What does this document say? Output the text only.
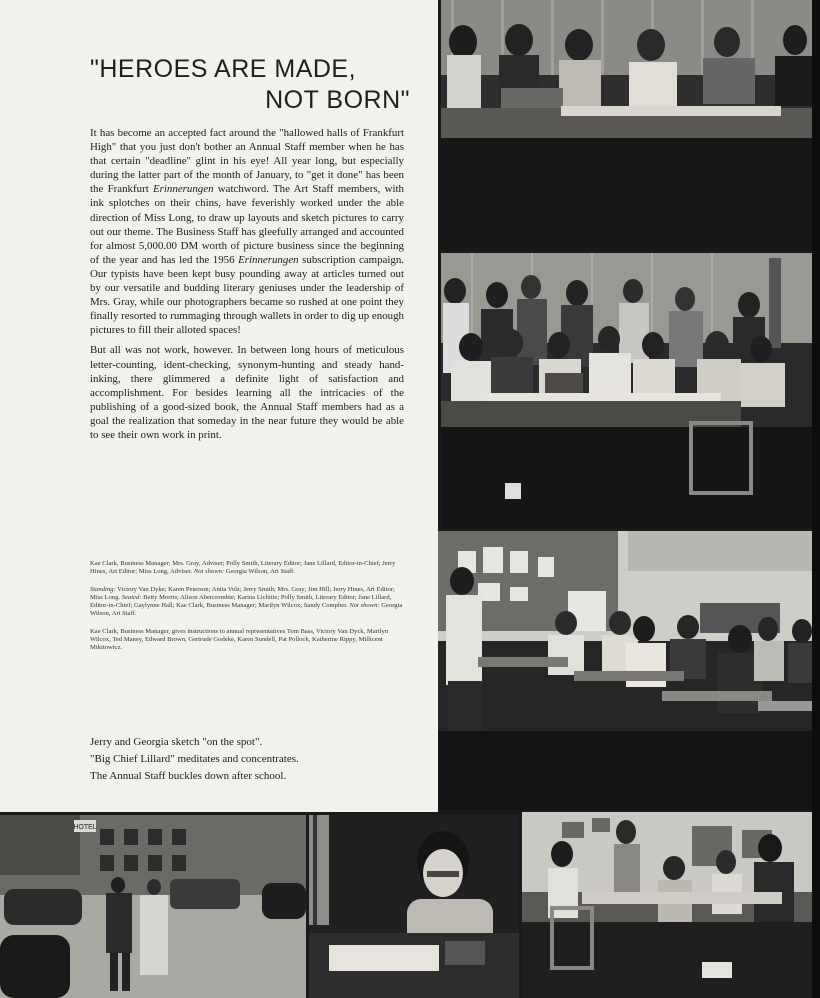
"HEROES ARE MADE,
NOT BORN"

It has become an accepted fact around the "hallowed halls of Frankfurt High" that you just don't bother an Annual Staff member when he has that certain "deadline" glint in his eye! All year long, but especially during the latter part of the month of January, to "get it done" has been the Frankfurt Erinnerungen watchword. The Art Staff members, with ink splotches on their chins, have feverishly worked under the able direction of Miss Long, to draw up layouts and sketch pictures to carry out our theme. The Business Staff has gleefully arranged and accounted for almost 5,000.00 DM worth of picture business since the beginning of the year and has led the 1956 Erinnerungen subscription campaign. Our typists have been kept busy pounding away at articles turned out by our versatile and budding literary geniuses under the leadership of Mrs. Gray, while our photographers became so rushed at one point they finally resorted to rummaging through wallets in order to dig up enough pictures to fill their alloted spaces!

But all was not work, however. In between long hours of meticulous letter-counting, ident-checking, synonym-hunting and steady hand-inking, there glimmered a definite light of satisfaction and accomplishment. For besides learning all the intricacies of the publishing of a good-sized book, the Annual Staff members had as a goal the realization that someday in the near future they would be able to see their own work in print.

Kae Clark, Business Manager; Mrs. Gray, Adviser; Polly Smith, Literary Editor; Jane Lillard, Editor-in-Chief; Jerry Hines, Art Editor; Miss Long, Adviser. Not shown: Georgia Wilson, Art Staff.

Standing: Victory Van Dyke; Karen Peterson; Anita Volz; Jerry Smith; Mrs. Gray; Jim Hill; Jerry Hines, Art Editor; Miss Long. Seated: Betty Morris; Alison Abercrombie; Karina Lichitie; Polly Smith, Literary Editor; Jane Lillard, Editor-in-Chief; Gaylynne Hall; Kae Clark, Business Manager; Marilyn Wilcox; Sandy Compher. Not shown: Georgia Wilson, Art Staff.

Kae Clark, Business Manager, gives instructions to annual representatives Tom Bass, Victory Van Dyck, Marilyn Wilcox, Ted Maney, Edward Brown, Gertrude Godeke, Karen Sundell, Pat Pollock, Katherine Rippy, Millicent Mikitowicz.

Jerry and Georgia sketch "on the spot".
"Big Chief Lillard" meditates and concentrates.
The Annual Staff buckles down after school.
HOTEL
